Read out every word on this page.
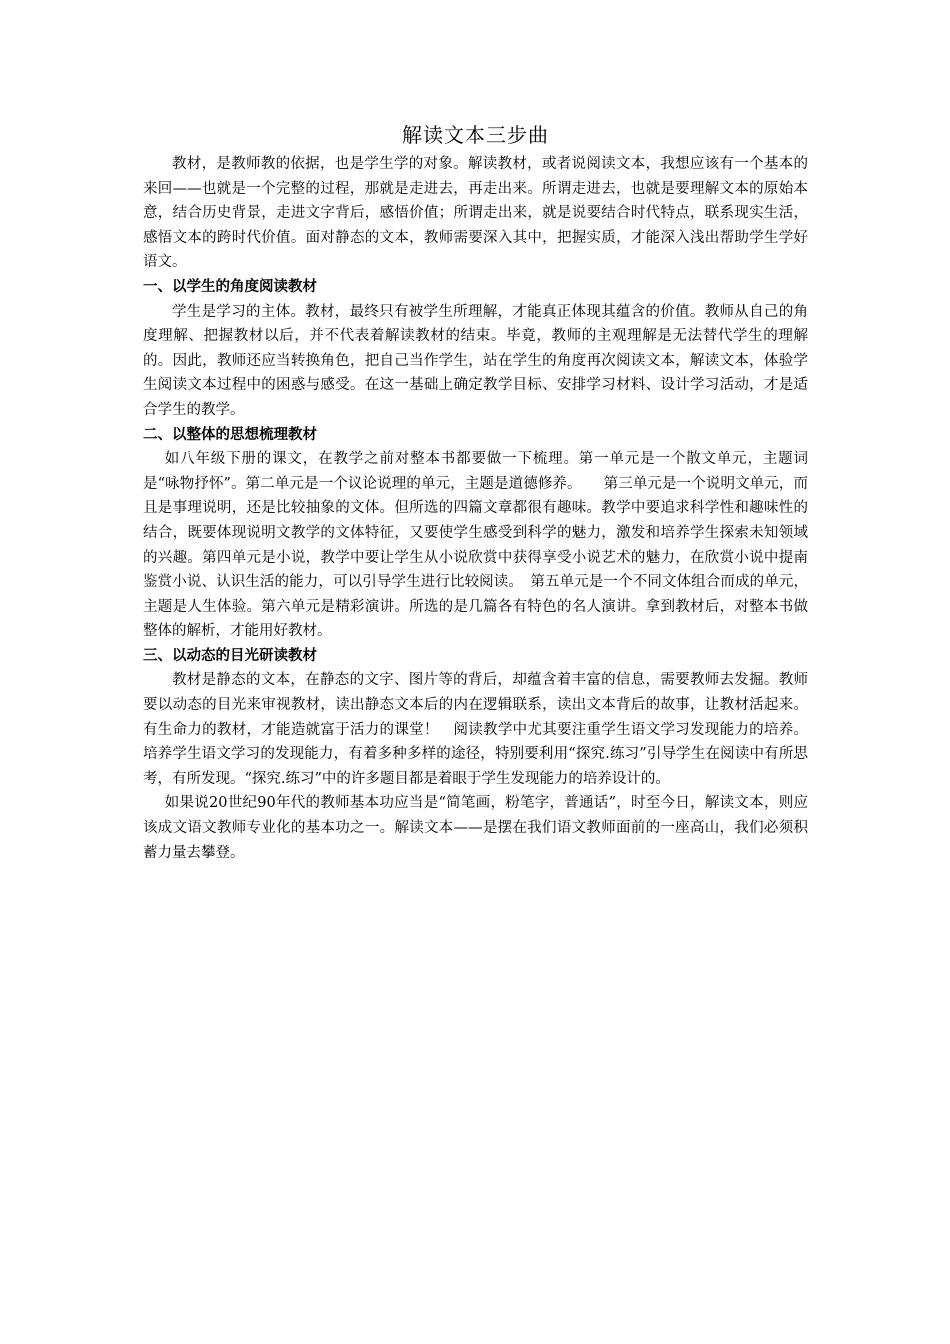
解读文本三步曲

教材，是教师教的依据，也是学生学的对象。解读教材，或者说阅读文本，我想应该有一个基本的来回——也就是一个完整的过程，那就是走进去，再走出来。所谓走进去，也就是要理解文本的原始本意，结合历史背景，走进文字背后，感悟价值；所谓走出来，就是说要结合时代特点，联系现实生活，感悟文本的跨时代价值。面对静态的文本，教师需要深入其中，把握实质，才能深入浅出帮助学生学好语文。

一、以学生的角度阅读教材

学生是学习的主体。教材，最终只有被学生所理解，才能真正体现其蕴含的价值。教师从自己的角度理解、把握教材以后，并不代表着解读教材的结束。毕竟，教师的主观理解是无法替代学生的理解的。因此，教师还应当转换角色，把自己当作学生，站在学生的角度再次阅读文本，解读文本，体验学生阅读文本过程中的困惑与感受。在这一基础上确定教学目标、安排学习材料、设计学习活动，才是适合学生的教学。

二、以整体的思想梳理教材

如八年级下册的课文，在教学之前对整本书都要做一下梳理。第一单元是一个散文单元，主题词是“咏物抒怀”。第二单元是一个议论说理的单元，主题是道德修养。　　第三单元是一个说明文单元，而且是事理说明，还是比较抽象的文体。但所选的四篇文章都很有趣味。教学中要追求科学性和趣味性的结合，既要体现说明文教学的文体特征，又要使学生感受到科学的魅力，激发和培养学生探索未知领域的兴趣。第四单元是小说，教学中要让学生从小说欣赏中获得享受小说艺术的魅力，在欣赏小说中提南鉴赏小说、认识生活的能力，可以引导学生进行比较阅读。　第五单元是一个不同文体组合而成的单元，主题是人生体验。第六单元是精彩演讲。所选的是几篇各有特色的名人演讲。拿到教材后，对整本书做整体的解析，才能用好教材。

三、以动态的目光研读教材

教材是静态的文本，在静态的文字、图片等的背后，却蕴含着丰富的信息，需要教师去发掘。教师要以动态的目光来审视教材，读出静态文本后的内在逻辑联系，读出文本背后的故事，让教材活起来。有生命力的教材，才能造就富于活力的课堂！　阅读教学中尤其要注重学生语文学习发现能力的培养。培养学生语文学习的发现能力，有着多种多样的途径，特别要利用“探究.练习”引导学生在阅读中有所思考，有所发现。“探究.练习”中的许多题目都是着眼于学生发现能力的培养设计的。

如果说20世纪90年代的教师基本功应当是“简笔画，粉笔字，普通话”，时至今日，解读文本，则应该成文语文教师专业化的基本功之一。解读文本——是摆在我们语文教师面前的一座高山，我们必须积蓄力量去攀登。
